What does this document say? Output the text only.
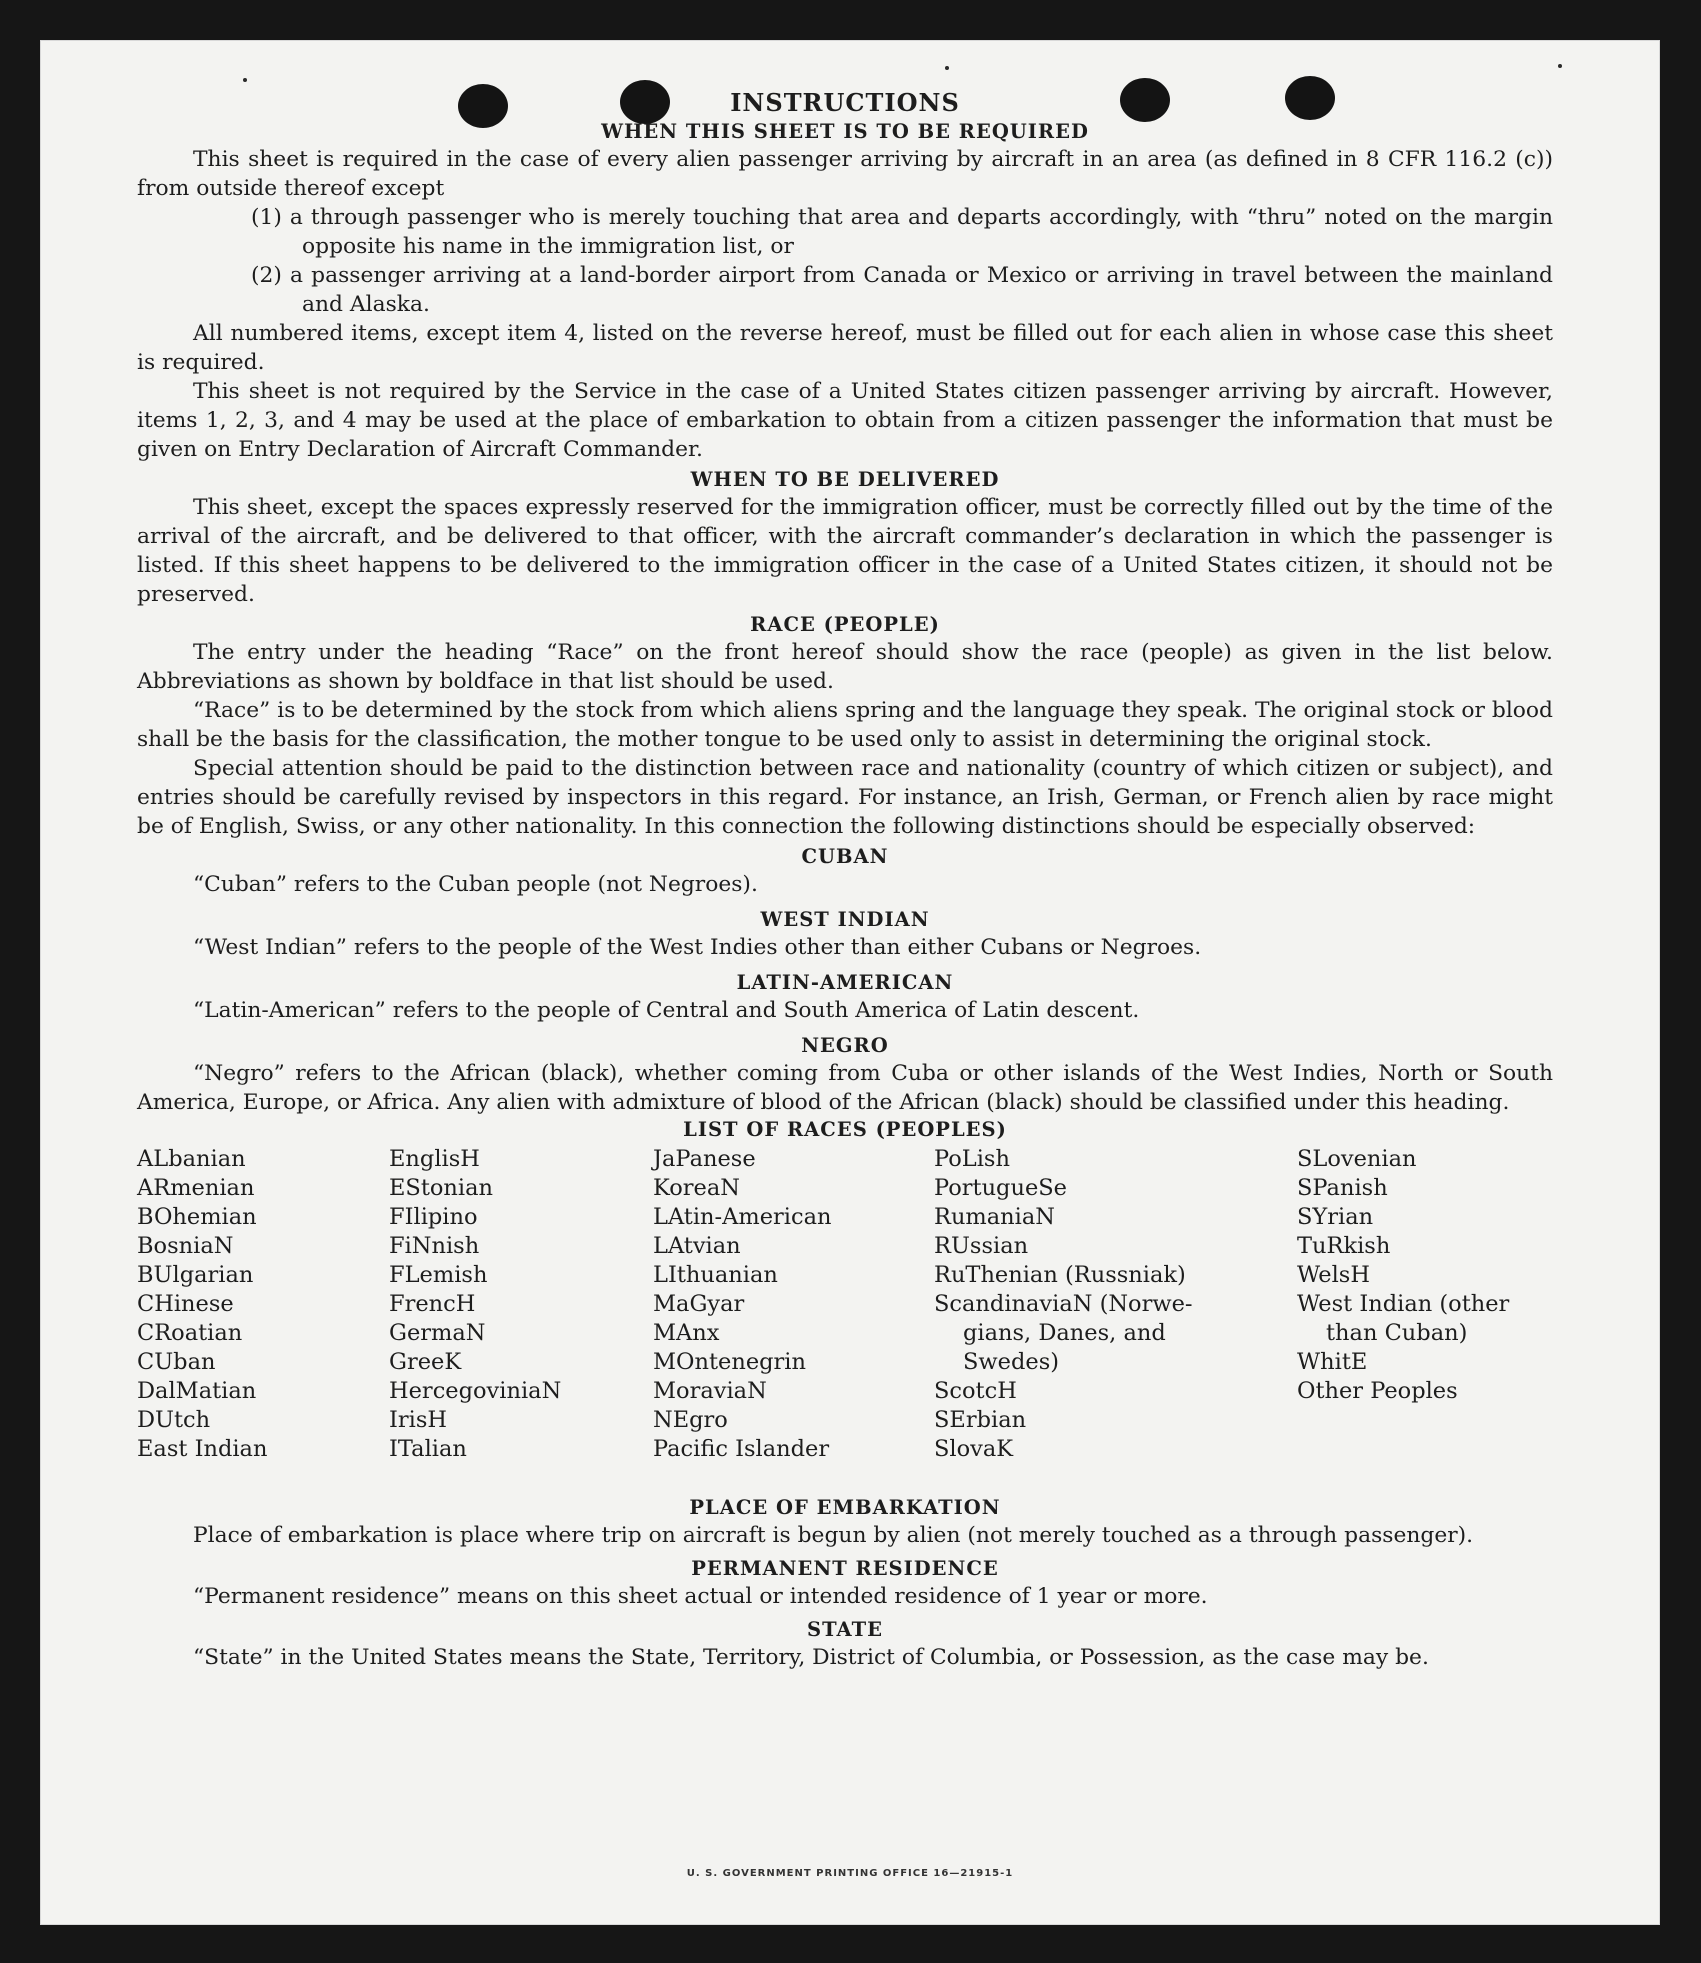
INSTRUCTIONS
WHEN THIS SHEET IS TO BE REQUIRED

This sheet is required in the case of every alien passenger arriving by aircraft in an area (as defined in 8 CFR 116.2 (c)) from outside thereof except

(1) a through passenger who is merely touching that area and departs accordingly, with “thru” noted on the margin opposite his name in the immigration list, or
(2) a passenger arriving at a land-border airport from Canada or Mexico or arriving in travel between the mainland and Alaska.

All numbered items, except item 4, listed on the reverse hereof, must be filled out for each alien in whose case this sheet is required.

This sheet is not required by the Service in the case of a United States citizen passenger arriving by aircraft. However, items 1, 2, 3, and 4 may be used at the place of embarkation to obtain from a citizen passenger the information that must be given on Entry Declaration of Aircraft Commander.

WHEN TO BE DELIVERED

This sheet, except the spaces expressly reserved for the immigration officer, must be correctly filled out by the time of the arrival of the aircraft, and be delivered to that officer, with the aircraft commander’s declaration in which the passenger is listed. If this sheet happens to be delivered to the immigration officer in the case of a United States citizen, it should not be preserved.

RACE (PEOPLE)

The entry under the heading “Race” on the front hereof should show the race (people) as given in the list below. Abbreviations as shown by boldface in that list should be used.

“Race” is to be determined by the stock from which aliens spring and the language they speak. The original stock or blood shall be the basis for the classification, the mother tongue to be used only to assist in determining the original stock.

Special attention should be paid to the distinction between race and nationality (country of which citizen or subject), and entries should be carefully revised by inspectors in this regard. For instance, an Irish, German, or French alien by race might be of English, Swiss, or any other nationality. In this connection the following distinctions should be especially observed:

CUBAN

“Cuban” refers to the Cuban people (not Negroes).

WEST INDIAN

“West Indian” refers to the people of the West Indies other than either Cubans or Negroes.

LATIN-AMERICAN

“Latin-American” refers to the people of Central and South America of Latin descent.

NEGRO

“Negro” refers to the African (black), whether coming from Cuba or other islands of the West Indies, North or South America, Europe, or Africa. Any alien with admixture of blood of the African (black) should be classified under this heading.

LIST OF RACES (PEOPLES)
ALbanian
ARmenian
BOhemian
BosniaN
BUlgarian
CHinese
CRoatian
CUban
DalMatian
DUtch
East Indian
EnglisH
EStonian
FIlipino
FiNnish
FLemish
FrencH
GermaN
GreeK
HercegoviniaN
IrisH
ITalian
JaPanese
KoreaN
LAtin-American
LAtvian
LIthuanian
MaGyar
MAnx
MOntenegrin
MoraviaN
NEgro
Pacific Islander
PoLish
PortugueSe
RumaniaN
RUssian
RuThenian (Russniak)
ScandinaviaN (Norwe-
gians, Danes, and
Swedes)
ScotcH
SErbian
SlovaK
SLovenian
SPanish
SYrian
TuRkish
WelsH
West Indian (other
than Cuban)
WhitE
Other Peoples
PLACE OF EMBARKATION

Place of embarkation is place where trip on aircraft is begun by alien (not merely touched as a through passenger).

PERMANENT RESIDENCE

“Permanent residence” means on this sheet actual or intended residence of 1 year or more.

STATE

“State” in the United States means the State, Territory, District of Columbia, or Possession, as the case may be.

U. S. GOVERNMENT PRINTING OFFICE 16—21915-1
